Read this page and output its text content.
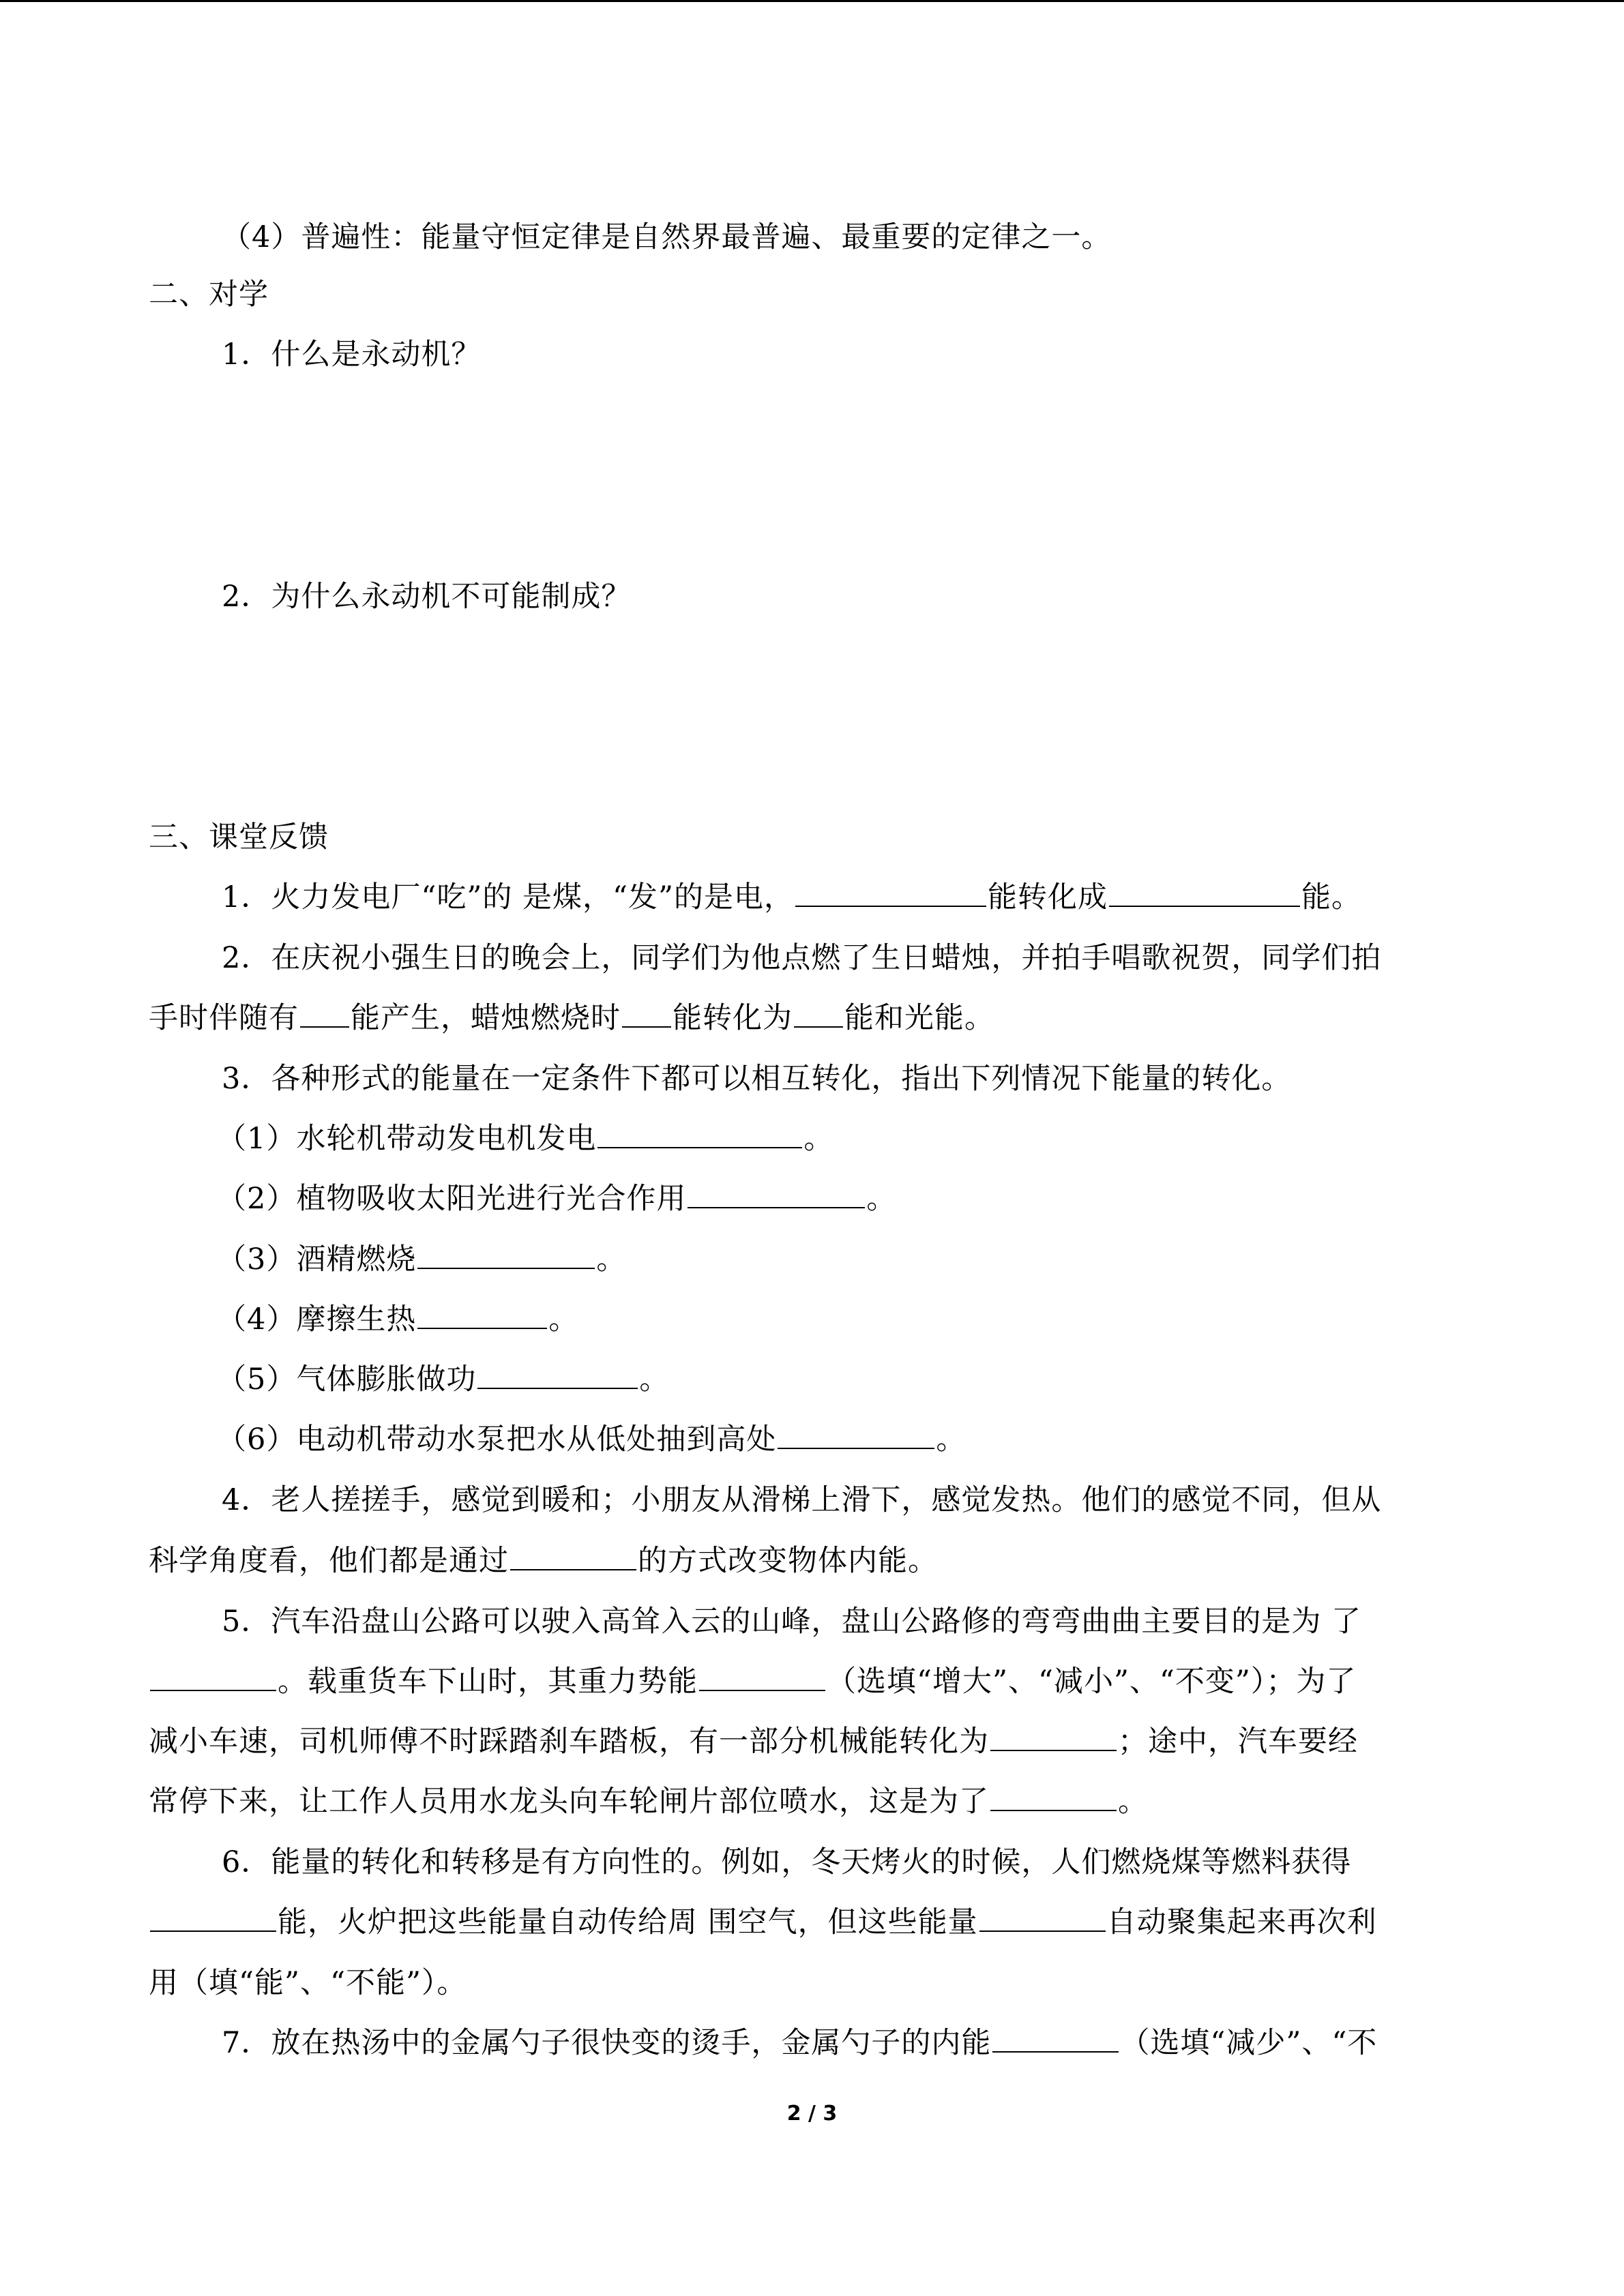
（4）普遍性：能量守恒定律是自然界最普遍、最重要的定律之一。
二、对学
1．什么是永动机？
2．为什么永动机不可能制成？
三、课堂反馈
1．火力发电厂“吃”的 是煤，“发”的是电，	能转化成	能。
2．在庆祝小强生日的晚会上，同学们为他点燃了生日蜡烛，并拍手唱歌祝贺，同学们拍
手时伴随有 能产生，蜡烛燃烧时 能转化为 能和光能。
3．各种形式的能量在一定条件下都可以相互转化，指出下列情况下能量的转化。
（1）水轮机带动发电机发电	。
（2）植物吸收太阳光进行光合作用	。
（3）酒精燃烧	。
（4）摩擦生热	。
（5）气体膨胀做功	。
（6）电动机带动水泵把水从低处抽到高处	。
4．老人搓搓手，感觉到暖和；小朋友从滑梯上滑下，感觉发热。他们的感觉不同，但从
科学角度看，他们都是通过	的方式改变物体内能。
5．汽车沿盘山公路可以驶入高耸入云的山峰，盘山公路修的弯弯曲曲主要目的是为 了
。载重货车下山时，其重力势能	（选填“增大”、“减小”、“不变”）；为了
减小车速，司机师傅不时踩踏刹车踏板，有一部分机械能转化为	；途中，汽车要经
常停下来，让工作人员用水龙头向车轮闸片部位喷水，这是为了	。
6．能量的转化和转移是有方向性的。例如，冬天烤火的时候，人们燃烧煤等燃料获得
能，火炉把这些能量自动传给周 围空气，但这些能量	自动聚集起来再次利
用（填“能”、“不能”）。
7．放在热汤中的金属勺子很快变的烫手，金属勺子的内能	（选填“减少”、“不
2 / 3
